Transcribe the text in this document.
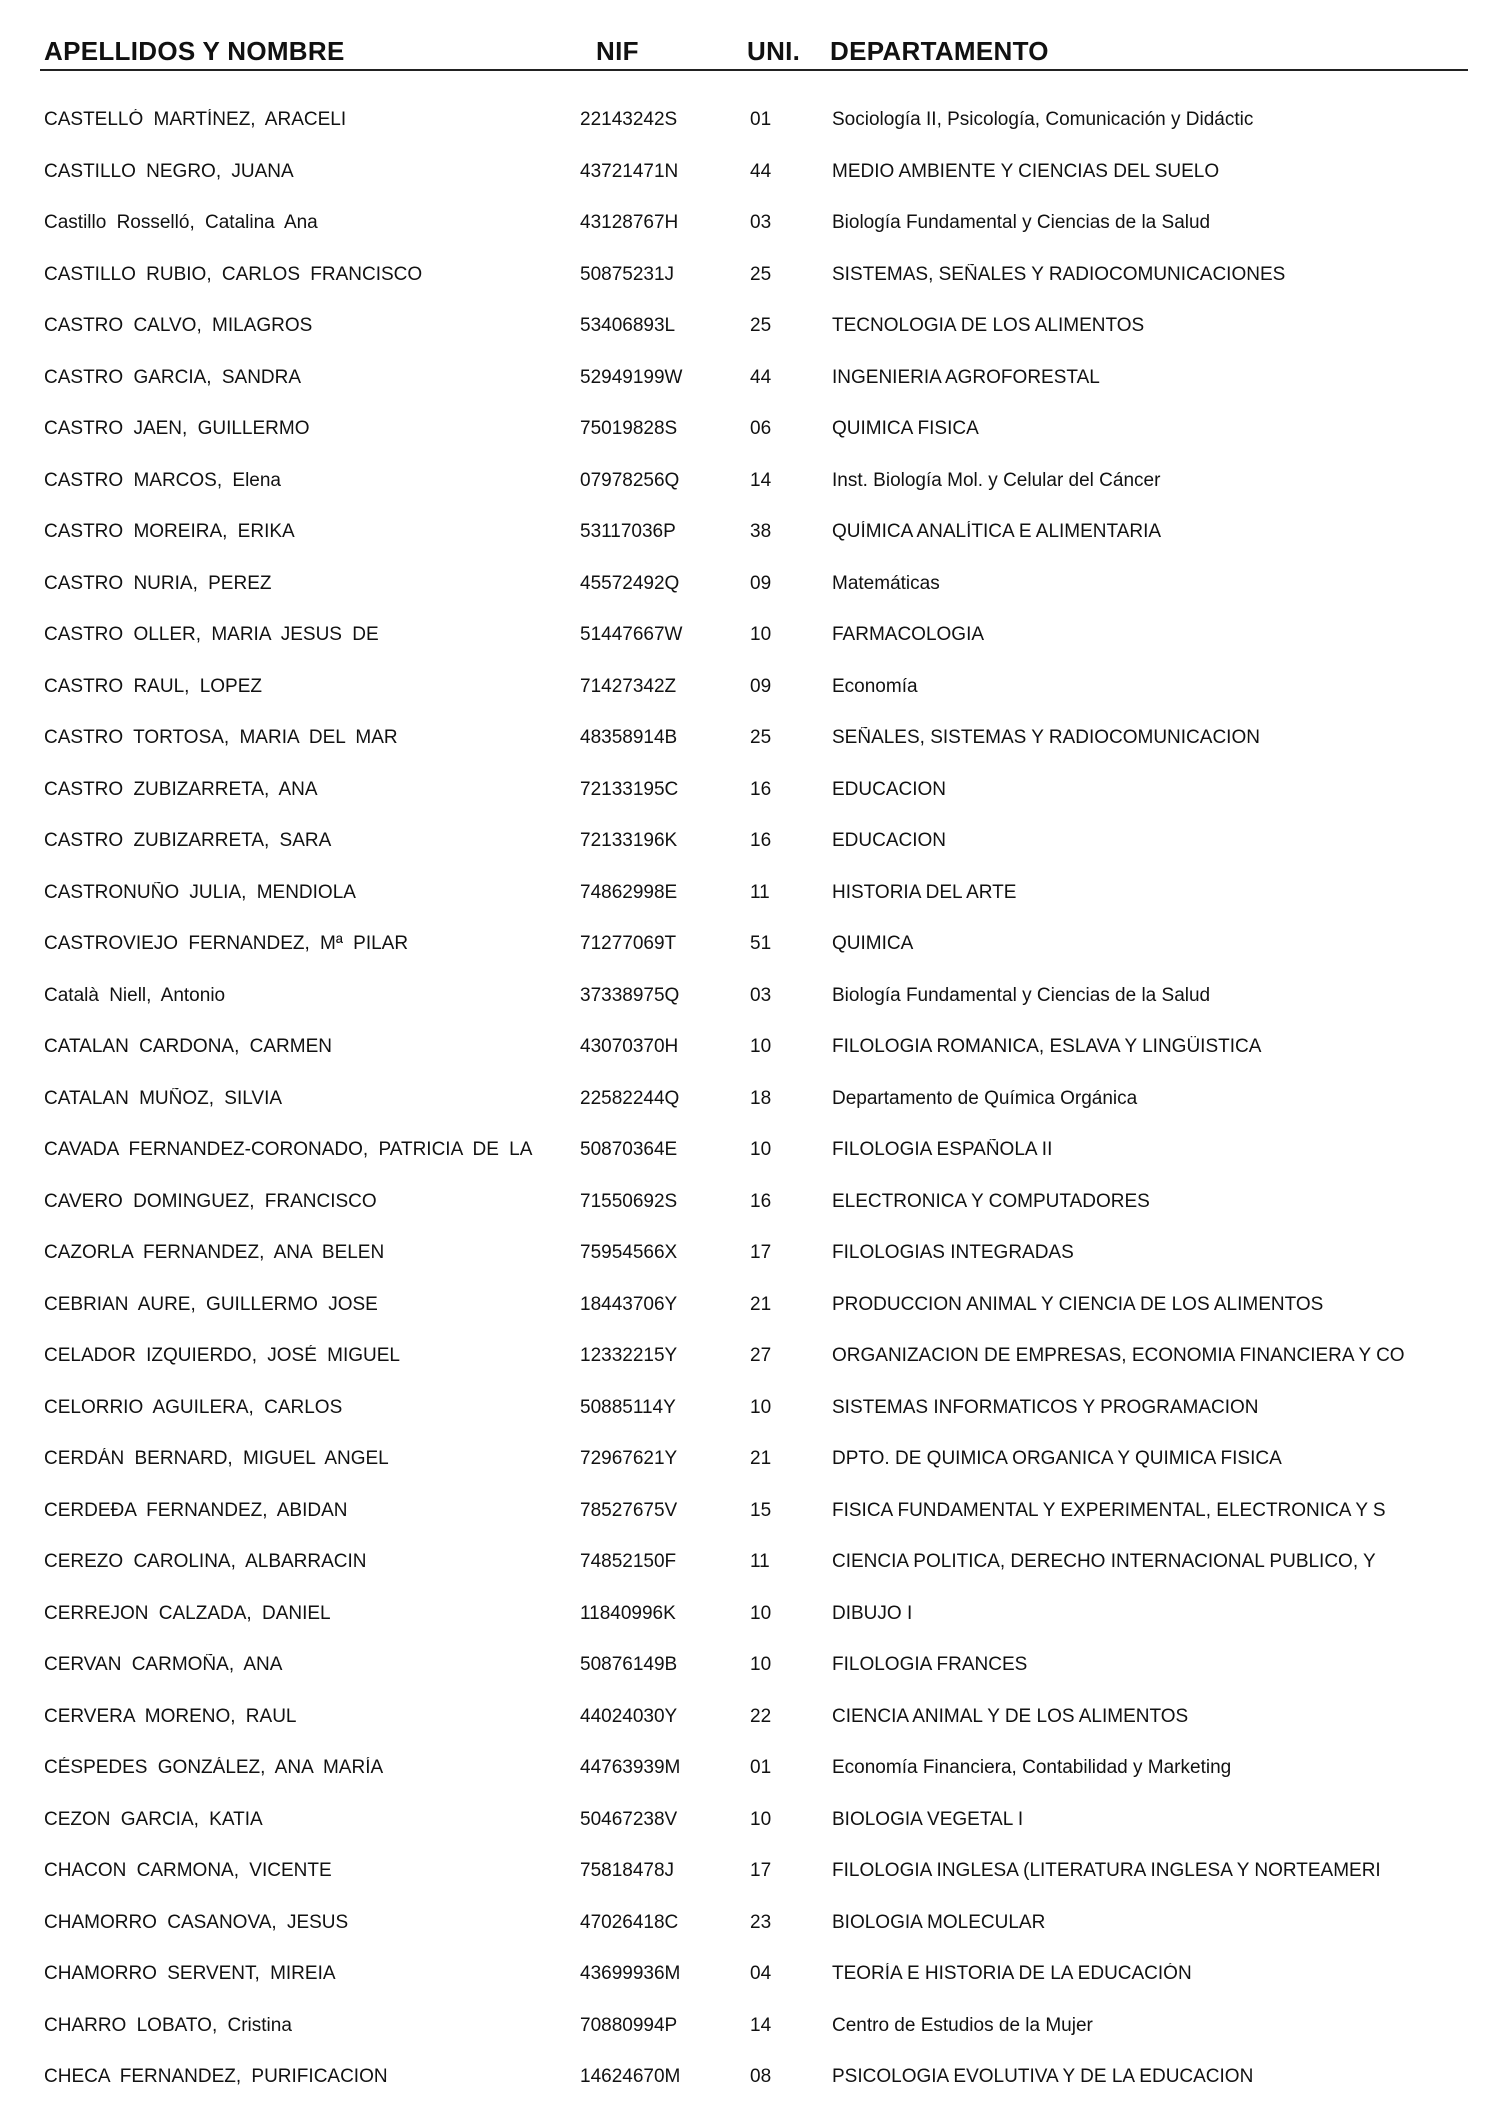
APELLIDOS Y NOMBRE	NIF	UNI. DEPARTAMENTO
CASTELLÓ MARTÍNEZ, ARACELI	22143242S	01	Sociología II, Psicología, Comunicación y Didáctic
CASTILLO NEGRO, JUANA	43721471N	44	MEDIO AMBIENTE Y CIENCIAS DEL SUELO
Castillo Rosselló, Catalina Ana	43128767H	03	Biología Fundamental y Ciencias de la Salud
CASTILLO RUBIO, CARLOS FRANCISCO	50875231J	25	SISTEMAS, SEÑALES Y RADIOCOMUNICACIONES
CASTRO CALVO, MILAGROS	53406893L	25	TECNOLOGIA DE LOS ALIMENTOS
CASTRO GARCIA, SANDRA	52949199W	44	INGENIERIA AGROFORESTAL
CASTRO JAEN, GUILLERMO	75019828S	06	QUIMICA FISICA
CASTRO MARCOS, Elena	07978256Q	14	Inst. Biología Mol. y Celular del Cáncer
CASTRO MOREIRA, ERIKA	53117036P	38	QUÍMICA ANALÍTICA E ALIMENTARIA
CASTRO NURIA, PEREZ	45572492Q	09	Matemáticas
CASTRO OLLER, MARIA JESUS DE	51447667W	10	FARMACOLOGIA
CASTRO RAUL, LOPEZ	71427342Z	09	Economía
CASTRO TORTOSA, MARIA DEL MAR	48358914B	25	SEÑALES, SISTEMAS Y RADIOCOMUNICACION
CASTRO ZUBIZARRETA, ANA	72133195C	16	EDUCACION
CASTRO ZUBIZARRETA, SARA	72133196K	16	EDUCACION
CASTRONUÑO JULIA, MENDIOLA	74862998E	11	HISTORIA DEL ARTE
CASTROVIEJO FERNANDEZ, Mª PILAR	71277069T	51	QUIMICA
Català Niell, Antonio	37338975Q	03	Biología Fundamental y Ciencias de la Salud
CATALAN CARDONA, CARMEN	43070370H	10	FILOLOGIA ROMANICA, ESLAVA Y LINGÜISTICA
CATALAN MUÑOZ, SILVIA	22582244Q	18	Departamento de Química Orgánica
CAVADA FERNANDEZ-CORONADO, PATRICIA DE LA	50870364E	10	FILOLOGIA ESPAÑOLA II
CAVERO DOMINGUEZ, FRANCISCO	71550692S	16	ELECTRONICA Y COMPUTADORES
CAZORLA FERNANDEZ, ANA BELEN	75954566X	17	FILOLOGIAS INTEGRADAS
CEBRIAN AURE, GUILLERMO JOSE	18443706Y	21	PRODUCCION ANIMAL Y CIENCIA DE LOS ALIMENTOS
CELADOR IZQUIERDO, JOSÉ MIGUEL	12332215Y	27	ORGANIZACION DE EMPRESAS, ECONOMIA FINANCIERA Y CO
CELORRIO AGUILERA, CARLOS	50885114Y	10	SISTEMAS INFORMATICOS Y PROGRAMACION
CERDÁN BERNARD, MIGUEL ANGEL	72967621Y	21	DPTO. DE QUIMICA ORGANICA Y QUIMICA FISICA
CERDEÐA FERNANDEZ, ABIDAN	78527675V	15	FISICA FUNDAMENTAL Y EXPERIMENTAL, ELECTRONICA Y S
CEREZO CAROLINA, ALBARRACIN	74852150F	11	CIENCIA POLITICA, DERECHO INTERNACIONAL PUBLICO, Y
CERREJON CALZADA, DANIEL	11840996K	10	DIBUJO I
CERVAN CARMOÑA, ANA	50876149B	10	FILOLOGIA FRANCES
CERVERA MORENO, RAUL	44024030Y	22	CIENCIA ANIMAL Y DE LOS ALIMENTOS
CÉSPEDES GONZÁLEZ, ANA MARÍA	44763939M	01	Economía Financiera, Contabilidad y Marketing
CEZON GARCIA, KATIA	50467238V	10	BIOLOGIA VEGETAL I
CHACON CARMONA, VICENTE	75818478J	17	FILOLOGIA INGLESA (LITERATURA INGLESA Y NORTEAMERI
CHAMORRO CASANOVA, JESUS	47026418C	23	BIOLOGIA MOLECULAR
CHAMORRO SERVENT, MIREIA	43699936M	04	TEORÍA E HISTORIA DE LA EDUCACIÓN
CHARRO LOBATO, Cristina	70880994P	14	Centro de Estudios de la Mujer
CHECA FERNANDEZ, PURIFICACION	14624670M	08	PSICOLOGIA EVOLUTIVA Y DE LA EDUCACION
